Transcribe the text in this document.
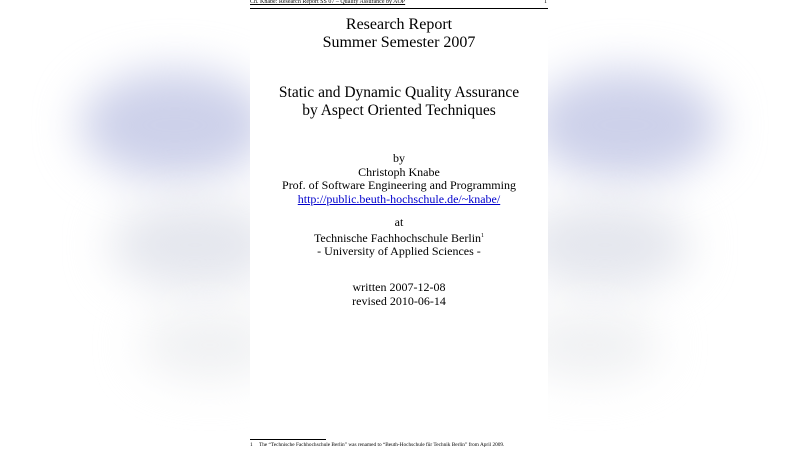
Ch. Knabe: Research Report SS 07 – Quality Assurance by AOP	1
Research Report
Summer Semester 2007
Static and Dynamic Quality Assurance
by Aspect Oriented Techniques
by
Christoph Knabe
Prof. of Software Engineering and Programming
http://public.beuth-hochschule.de/~knabe/
at
Technische Fachhochschule Berlin$^1$
- University of Applied Sciences -
written 2007-12-08
revised 2010-06-14
1 The “Technische Fachhochschule Berlin” was renamed to “Beuth-Hochschule für Technik Berlin” from April 2009.
